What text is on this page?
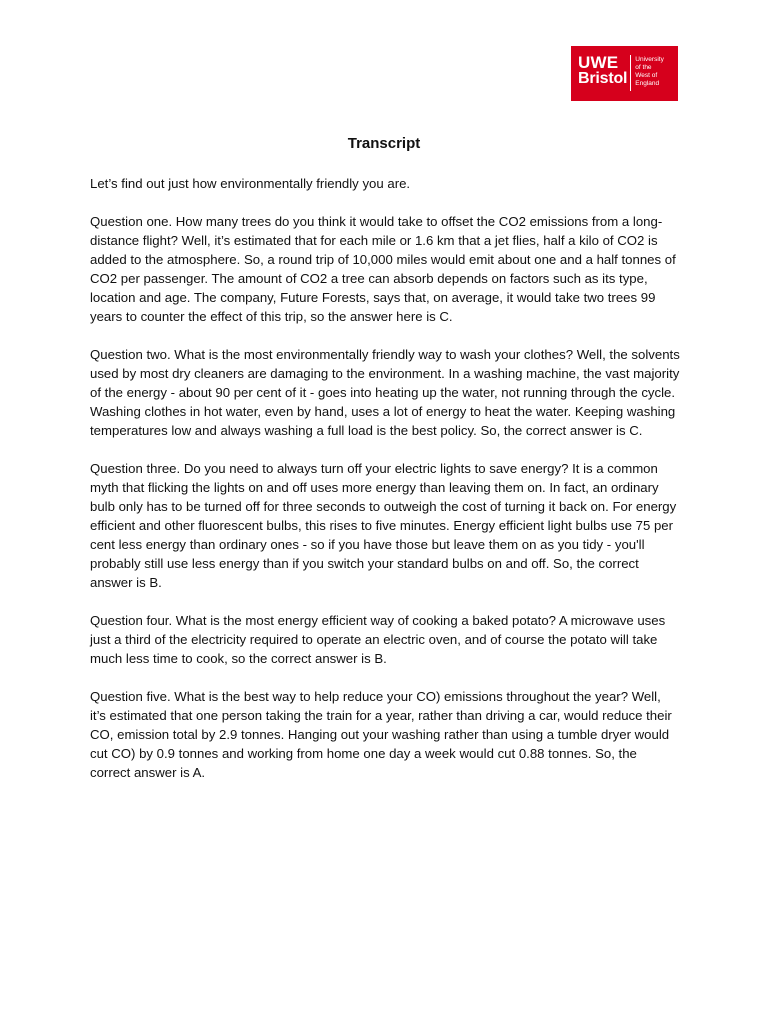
UWE
Bristol
University
of the
West of
England
Transcript

Let’s find out just how environmentally friendly you are.

Question one. How many trees do you think it would take to offset the CO2 emissions from a long-distance flight? Well, it’s estimated that for each mile or 1.6 km that a jet flies, half a kilo of CO2 is added to the atmosphere. So, a round trip of 10,000 miles would emit about one and a half tonnes of CO2 per passenger. The amount of CO2 a tree can absorb depends on factors such as its type, location and age. The company, Future Forests, says that, on average, it would take two trees 99 years to counter the effect of this trip, so the answer here is C.

Question two. What is the most environmentally friendly way to wash your clothes? Well, the solvents used by most dry cleaners are damaging to the environment. In a washing machine, the vast majority of the energy - about 90 per cent of it - goes into heating up the water, not running through the cycle. Washing clothes in hot water, even by hand, uses a lot of energy to heat the water. Keeping washing temperatures low and always washing a full load is the best policy. So, the correct answer is C.

Question three. Do you need to always turn off your electric lights to save energy? It is a common myth that flicking the lights on and off uses more energy than leaving them on. In fact, an ordinary bulb only has to be turned off for three seconds to outweigh the cost of turning it back on. For energy efficient and other fluorescent bulbs, this rises to five minutes. Energy efficient light bulbs use 75 per cent less energy than ordinary ones - so if you have those but leave them on as you tidy - you'll probably still use less energy than if you switch your standard bulbs on and off. So, the correct answer is B.

Question four. What is the most energy efficient way of cooking a baked potato? A microwave uses just a third of the electricity required to operate an electric oven, and of course the potato will take much less time to cook, so the correct answer is B.

Question five. What is the best way to help reduce your CO) emissions throughout the year? Well, it’s estimated that one person taking the train for a year, rather than driving a car, would reduce their CO, emission total by 2.9 tonnes. Hanging out your washing rather than using a tumble dryer would cut CO) by 0.9 tonnes and working from home one day a week would cut 0.88 tonnes. So, the correct answer is A.
